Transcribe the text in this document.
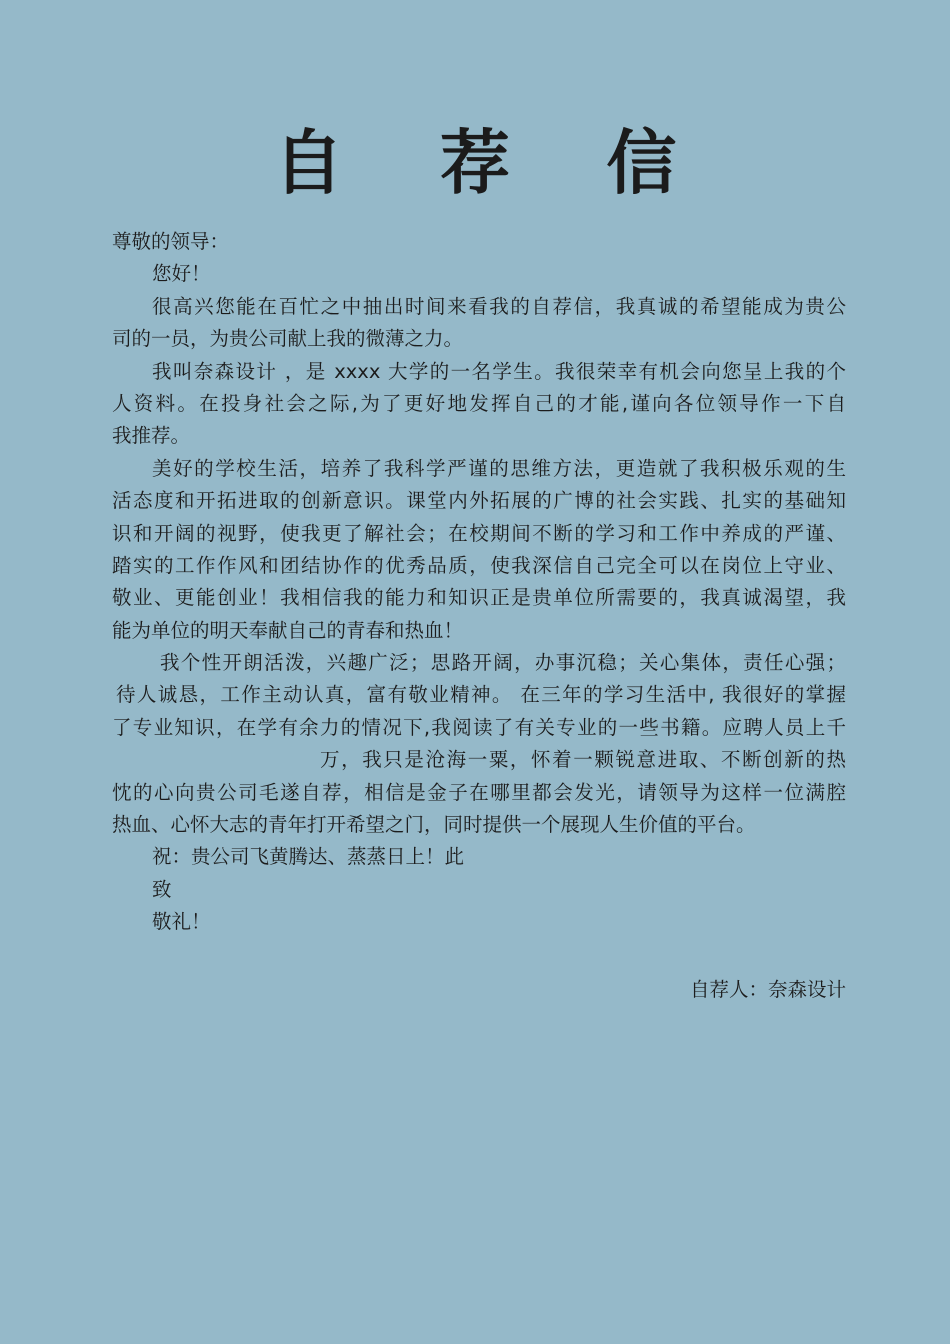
自 荐 信
尊敬的领导：
您好！
很高兴您能在百忙之中抽出时间来看我的自荐信，我真诚的希望能成为贵公
司的一员，为贵公司献上我的微薄之力。
我叫奈森设计 ，是 xxxx 大学的一名学生。我很荣幸有机会向您呈上我的个
人资料。在投身社会之际,为了更好地发挥自己的才能,谨向各位领导作一下自
我推荐。
美好的学校生活，培养了我科学严谨的思维方法，更造就了我积极乐观的生
活态度和开拓进取的创新意识。课堂内外拓展的广博的社会实践、扎实的基础知
识和开阔的视野，使我更了解社会；在校期间不断的学习和工作中养成的严谨、
踏实的工作作风和团结协作的优秀品质，使我深信自己完全可以在岗位上守业、
敬业、更能创业！我相信我的能力和知识正是贵单位所需要的，我真诚渴望，我
能为单位的明天奉献自己的青春和热血！
我个性开朗活泼，兴趣广泛；思路开阔，办事沉稳；关心集体，责任心强；
待人诚恳，工作主动认真，富有敬业精神。 在三年的学习生活中, 我很好的掌握
了专业知识，在学有余力的情况下,我阅读了有关专业的一些书籍。应聘人员上千
万，我只是沧海一粟，怀着一颗锐意进取、不断创新的热
忱的心向贵公司毛遂自荐，相信是金子在哪里都会发光，请领导为这样一位满腔
热血、心怀大志的青年打开希望之门，同时提供一个展现人生价值的平台。
祝：贵公司飞黄腾达、蒸蒸日上！此
致
敬礼！
自荐人：奈森设计
